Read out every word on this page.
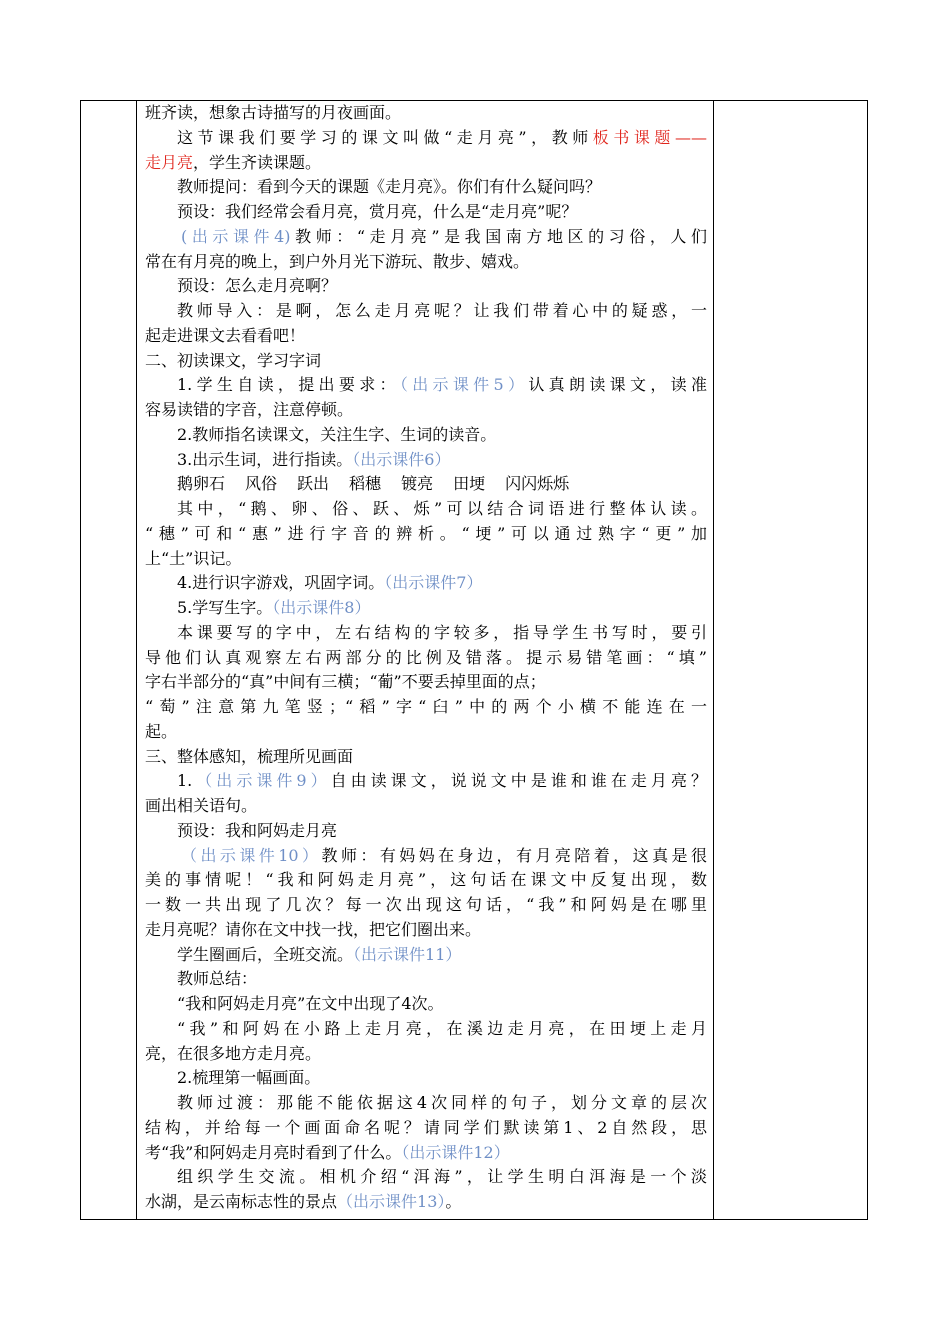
班齐读，想象古诗描写的月夜画面。
这节课我们要学习的课文叫做“走月亮”，教师板书课题——
走月亮，学生齐读课题。
教师提问：看到今天的课题《走月亮》。你们有什么疑问吗？
预设：我们经常会看月亮，赏月亮，什么是“走月亮”呢？
(出示课件4)教师：“走月亮”是我国南方地区的习俗，人们
常在有月亮的晚上，到户外月光下游玩、散步、嬉戏。
预设：怎么走月亮啊？
教师导入：是啊，怎么走月亮呢？让我们带着心中的疑惑，一
起走进课文去看看吧！
二、初读课文，学习字词
1.学生自读，提出要求：（出示课件5）认真朗读课文，读准
容易读错的字音，注意停顿。
2.教师指名读课文，关注生字、生词的读音。
3.出示生词，进行指读。（出示课件6）
鹅卵石 风俗 跃出 稻穗 镀亮 田埂 闪闪烁烁
其中，“鹅、卵、俗、跃、烁”可以结合词语进行整体认读。
“穗”可和“惠”进行字音的辨析。“埂”可以通过熟字“更”加
上“土”识记。
4.进行识字游戏，巩固字词。（出示课件7）
5.学写生字。（出示课件8）
本课要写的字中，左右结构的字较多，指导学生书写时，要引
导他们认真观察左右两部分的比例及错落。提示易错笔画：“填”
字右半部分的“真”中间有三横；“葡”不要丢掉里面的点；
“萄”注意第九笔竖；“稻”字“臼”中的两个小横不能连在一
起。
三、整体感知，梳理所见画面
1.（出示课件9）自由读课文，说说文中是谁和谁在走月亮？
画出相关语句。
预设：我和阿妈走月亮
（出示课件10）教师：有妈妈在身边，有月亮陪着，这真是很
美的事情呢！“我和阿妈走月亮”，这句话在课文中反复出现，数
一数一共出现了几次？每一次出现这句话，“我”和阿妈是在哪里
走月亮呢？请你在文中找一找，把它们圈出来。
学生圈画后，全班交流。（出示课件11）
教师总结：
“我和阿妈走月亮”在文中出现了4次。
“我”和阿妈在小路上走月亮，在溪边走月亮，在田埂上走月
亮，在很多地方走月亮。
2.梳理第一幅画面。
教师过渡：那能不能依据这4次同样的句子，划分文章的层次
结构，并给每一个画面命名呢？请同学们默读第1、2自然段，思
考“我”和阿妈走月亮时看到了什么。（出示课件12）
组织学生交流。相机介绍“洱海”，让学生明白洱海是一个淡
水湖，是云南标志性的景点（出示课件13）。
